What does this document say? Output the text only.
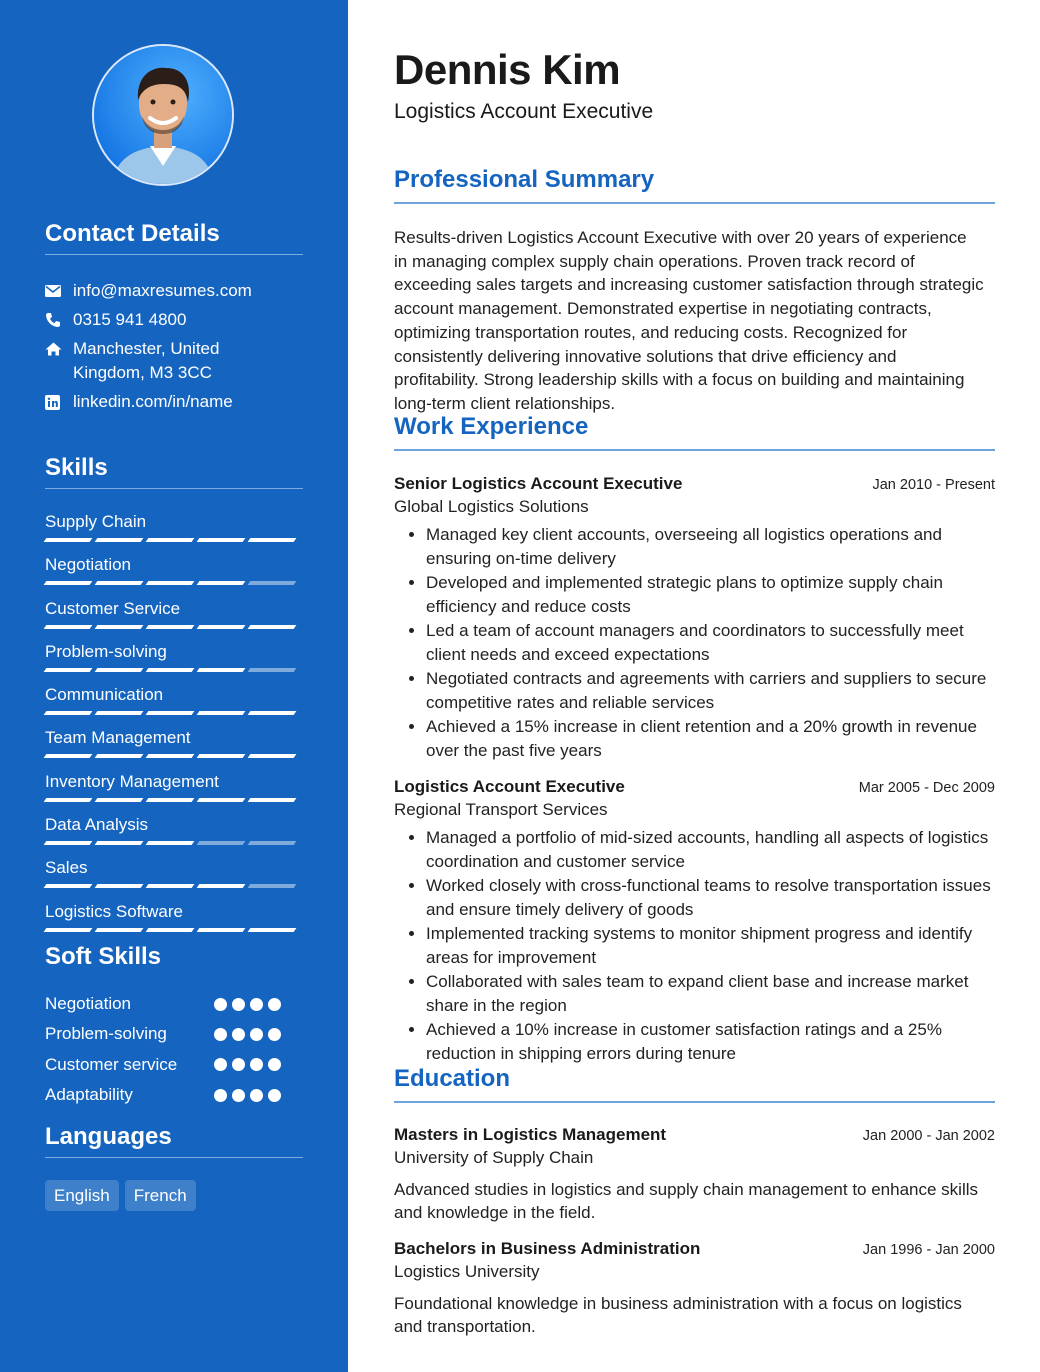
Contact Details
info@maxresumes.com
0315 941 4800
Manchester, United Kingdom, M3 3CC
linkedin.com/in/name
Skills
Supply Chain
Negotiation
Customer Service
Problem-solving
Communication
Team Management
Inventory Management
Data Analysis
Sales
Logistics Software
Soft Skills
Negotiation
Problem-solving
Customer service
Adaptability
Languages
English	French
Dennis Kim

Logistics Account Executive

Professional Summary

Results-driven Logistics Account Executive with over 20 years of experience in managing complex supply chain operations. Proven track record of exceeding sales targets and increasing customer satisfaction through strategic account management. Demonstrated expertise in negotiating contracts, optimizing transportation routes, and reducing costs. Recognized for consistently delivering innovative solutions that drive efficiency and profitability. Strong leadership skills with a focus on building and maintaining long-term client relationships.

Work Experience
Senior Logistics Account Executive	Jan 2010 - Present
Global Logistics Solutions
• Managed key client accounts, overseeing all logistics operations and ensuring on-time delivery
• Developed and implemented strategic plans to optimize supply chain efficiency and reduce costs
• Led a team of account managers and coordinators to successfully meet client needs and exceed expectations
• Negotiated contracts and agreements with carriers and suppliers to secure competitive rates and reliable services
• Achieved a 15% increase in client retention and a 20% growth in revenue over the past five years
Logistics Account Executive	Mar 2005 - Dec 2009
Regional Transport Services
• Managed a portfolio of mid-sized accounts, handling all aspects of logistics coordination and customer service
• Worked closely with cross-functional teams to resolve transportation issues and ensure timely delivery of goods
• Implemented tracking systems to monitor shipment progress and identify areas for improvement
• Collaborated with sales team to expand client base and increase market share in the region
• Achieved a 10% increase in customer satisfaction ratings and a 25% reduction in shipping errors during tenure
Education
Masters in Logistics Management	Jan 2000 - Jan 2002
University of Supply Chain

Advanced studies in logistics and supply chain management to enhance skills and knowledge in the field.

Bachelors in Business Administration	Jan 1996 - Jan 2000
Logistics University

Foundational knowledge in business administration with a focus on logistics and transportation.
